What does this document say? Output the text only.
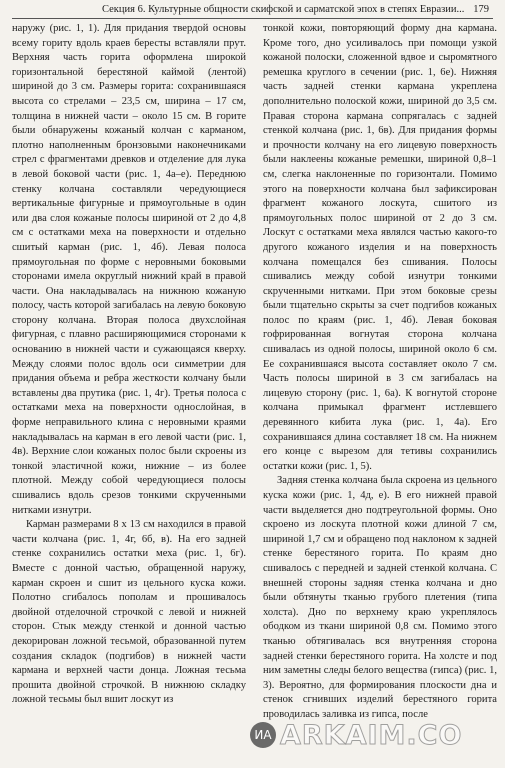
Секция 6. Культурные общности скифской и сарматской эпох в степях Евразии... 179

наружу (рис. 1, 1). Для придания твердой основы всему гориту вдоль краев бересты вставляли прут. Верхняя часть горита оформлена широкой горизонтальной берестяной каймой (лентой) шириной до 3 см. Размеры горита: сохранившаяся высота со стрелами – 23,5 см, ширина – 17 см, толщина в нижней части – около 15 см. В горите были обнаружены кожаный колчан с карманом, плотно наполненным бронзовыми наконечниками стрел с фрагментами древков и отделение для лука в левой боковой части (рис. 1, 4а–е). Переднюю стенку колчана составляли чередующиеся вертикальные фигурные и прямоугольные в один или два слоя кожаные полосы шириной от 2 до 4,8 см с остатками меха на поверхности и отдельно сшитый карман (рис. 1, 4б). Левая полоса прямоугольная по форме с неровными боковыми сторонами имела округлый нижний край в правой части. Она накладывалась на нижнюю кожаную полосу, часть которой загибалась на левую боковую сторону колчана. Вторая полоса двухслойная фигурная, с плавно расширяющимися сторонами к основанию в нижней части и сужающаяся кверху. Между слоями полос вдоль оси симметрии для придания объема и ребра жесткости колчану были вставлены два прутика (рис. 1, 4г). Третья полоса с остатками меха на поверхности однослойная, в форме неправильного клина с неровными краями накладывалась на карман в его левой части (рис. 1, 4в). Верхние слои кожаных полос были скроены из тонкой эластичной кожи, нижние – из более плотной. Между собой чередующиеся полосы сшивались вдоль срезов тонкими скрученными нитками изнутри.

Карман размерами 8 х 13 см находился в правой части колчана (рис. 1, 4г, 6б, в). На его задней стенке сохранились остатки меха (рис. 1, 6г). Вместе с донной частью, обращенной наружу, карман скроен и сшит из цельного куска кожи. Полотно сгибалось пополам и прошивалось двойной отделочной строчкой с левой и нижней сторон. Стык между стенкой и донной частью декорирован ложной тесьмой, образованной путем создания складок (подгибов) в нижней части кармана и верхней части донца. Ложная тесьма прошита двойной строчкой. В нижнюю складку ложной тесьмы был вшит лоскут из

тонкой кожи, повторяющий форму дна кармана. Кроме того, дно усиливалось при помощи узкой кожаной полоски, сложенной вдвое и сыромятного ремешка круглого в сечении (рис. 1, 6е). Нижняя часть задней стенки кармана укреплена дополнительно полоской кожи, шириной до 3,5 см. Правая сторона кармана сопрягалась с задней стенкой колчана (рис. 1, 6в). Для придания формы и прочности колчану на его лицевую поверхность были наклеены кожаные ремешки, шириной 0,8–1 см, слегка наклоненные по горизонтали. Помимо этого на поверхности колчана был зафиксирован фрагмент кожаного лоскута, сшитого из прямоугольных полос шириной от 2 до 3 см. Лоскут с остатками меха являлся частью какого-то другого кожаного изделия и на поверхность колчана помещался без сшивания. Полосы сшивались между собой изнутри тонкими скрученными нитками. При этом боковые срезы были тщательно скрыты за счет подгибов кожаных полос по краям (рис. 1, 4б). Левая боковая гофрированная вогнутая сторона колчана сшивалась из одной полосы, шириной около 6 см. Ее сохранившаяся высота составляет около 7 см. Часть полосы шириной в 3 см загибалась на лицевую сторону (рис. 1, 6а). К вогнутой стороне колчана примыкал фрагмент истлевшего деревянного кибита лука (рис. 1, 4а). Его сохранившаяся длина составляет 18 см. На нижнем его конце с вырезом для тетивы сохранились остатки кожи (рис. 1, 5).

Задняя стенка колчана была скроена из цельного куска кожи (рис. 1, 4д, е). В его нижней правой части выделяется дно подтреугольной формы. Оно скроено из лоскута плотной кожи длиной 7 см, шириной 1,7 см и обращено под наклоном к задней стенке берестяного горита. По краям дно сшивалось с передней и задней стенкой колчана. С внешней стороны задняя стенка колчана и дно были обтянуты тканью грубого плетения (типа холста). Дно по верхнему краю укреплялось ободком из ткани шириной 0,8 см. Помимо этого тканью обтягивалась вся внутренняя сторона задней стенки берестяного горита. На холсте и под ним заметны следы белого вещества (гипса) (рис. 1, 3). Вероятно, для формирования плоскости дна и стенок сгнивших изделий берестяного горита проводилась заливка из гипса, после

ИА ARKAIM.CO
